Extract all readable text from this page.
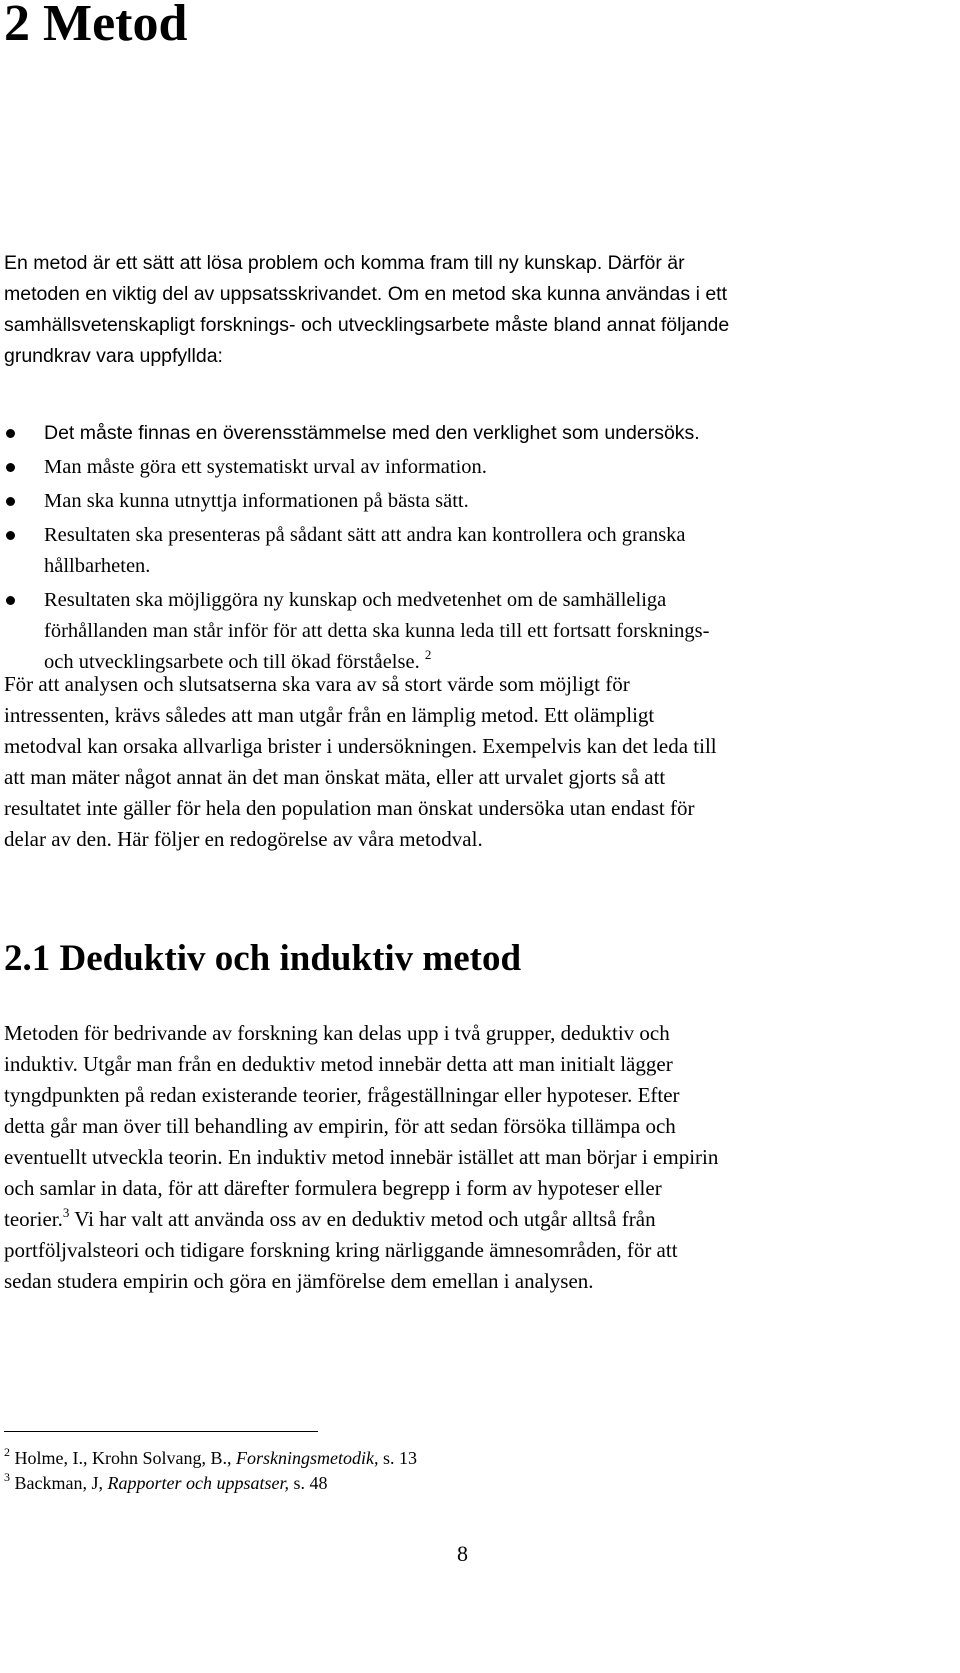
2 Metod

En metod är ett sätt att lösa problem och komma fram till ny kunskap. Därför är
metoden en viktig del av uppsatsskrivandet. Om en metod ska kunna användas i ett
samhällsvetenskapligt forsknings- och utvecklingsarbete måste bland annat följande
grundkrav vara uppfyllda:

Det måste finnas en överensstämmelse med den verklighet som undersöks.
Man måste göra ett systematiskt urval av information.
Man ska kunna utnyttja informationen på bästa sätt.
Resultaten ska presenteras på sådant sätt att andra kan kontrollera och granska
hållbarheten.
Resultaten ska möjliggöra ny kunskap och medvetenhet om de samhälleliga
förhållanden man står inför för att detta ska kunna leda till ett fortsatt forsknings-
och utvecklingsarbete och till ökad förståelse. $^2$

För att analysen och slutsatserna ska vara av så stort värde som möjligt för
intressenten, krävs således att man utgår från en lämplig metod. Ett olämpligt
metodval kan orsaka allvarliga brister i undersökningen. Exempelvis kan det leda till
att man mäter något annat än det man önskat mäta, eller att urvalet gjorts så att
resultatet inte gäller för hela den population man önskat undersöka utan endast för
delar av den. Här följer en redogörelse av våra metodval.

2.1 Deduktiv och induktiv metod

Metoden för bedrivande av forskning kan delas upp i två grupper, deduktiv och
induktiv. Utgår man från en deduktiv metod innebär detta att man initialt lägger
tyngdpunkten på redan existerande teorier, frågeställningar eller hypoteser. Efter
detta går man över till behandling av empirin, för att sedan försöka tillämpa och
eventuellt utveckla teorin. En induktiv metod innebär istället att man börjar i empirin
och samlar in data, för att därefter formulera begrepp i form av hypoteser eller
teorier.$^3$ Vi har valt att använda oss av en deduktiv metod och utgår alltså från
portföljvalsteori och tidigare forskning kring närliggande ämnesområden, för att
sedan studera empirin och göra en jämförelse dem emellan i analysen.

$^2$ Holme, I., Krohn Solvang, B., Forskningsmetodik, s. 13
$^3$ Backman, J, Rapporter och uppsatser, s. 48
8
